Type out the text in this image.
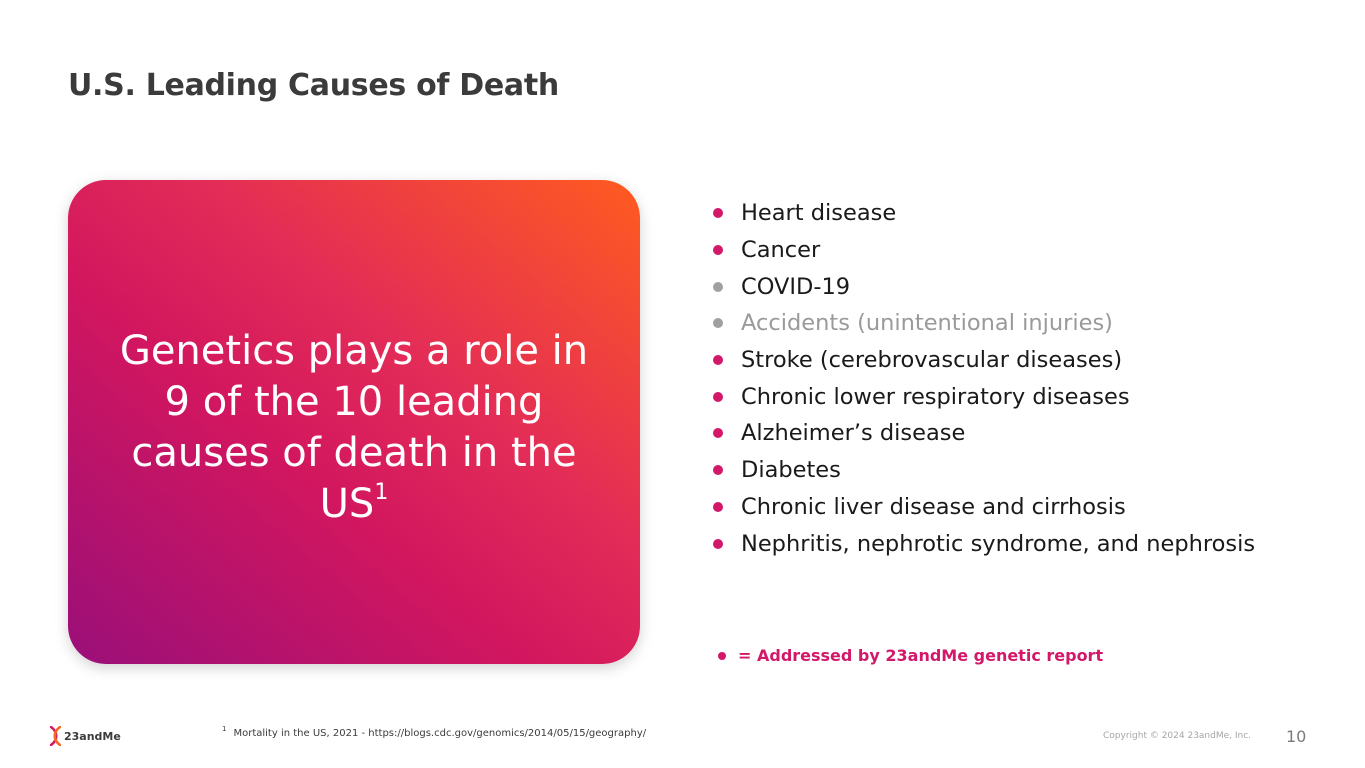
U.S. Leading Causes of Death
Genetics plays a role in 9 of the 10 leading causes of death in the $US^1$
Heart disease
Cancer
COVID-19
Accidents (unintentional injuries)
Stroke (cerebrovascular diseases)
Chronic lower respiratory diseases
Alzheimer’s disease
Diabetes
Chronic liver disease and cirrhosis
Nephritis, nephrotic syndrome, and nephrosis
= Addressed by 23andMe genetic report
23andMe
$^1$ Mortality in the US, 2021 - https://blogs.cdc.gov/genomics/2014/05/15/geography/	Copyright © 2024 23andMe, Inc. 10
